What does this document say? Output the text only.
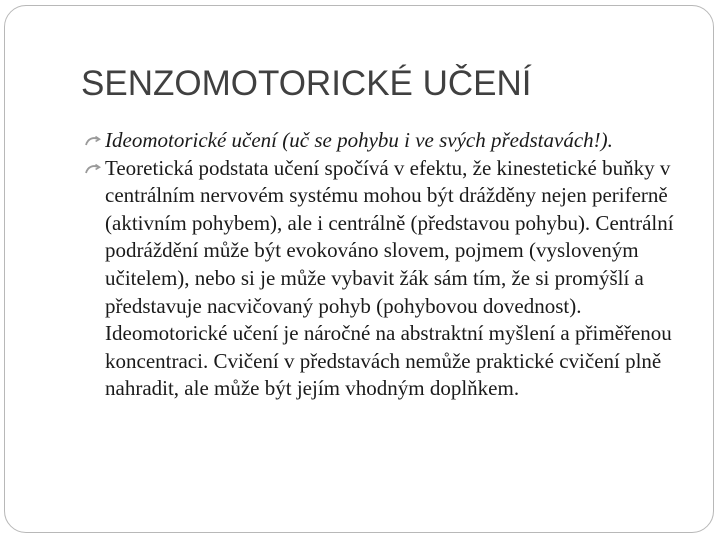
SENZOMOTORICKÉ UČENÍ
Ideomotorické učení (uč se pohybu i ve svých představách!).
Teoretická podstata učení spočívá v efektu, že kinestetické buňky v centrálním nervovém systému mohou být drážděny nejen periferně (aktivním pohybem), ale i centrálně (představou pohybu). Centrální podráždění může být evokováno slovem, pojmem (vysloveným učitelem), nebo si je může vybavit žák sám tím, že si promýšlí a představuje nacvičovaný pohyb (pohybovou dovednost). Ideomotorické učení je náročné na abstraktní myšlení a přiměřenou koncentraci. Cvičení v představách nemůže praktické cvičení plně nahradit, ale může být jejím vhodným doplňkem.
